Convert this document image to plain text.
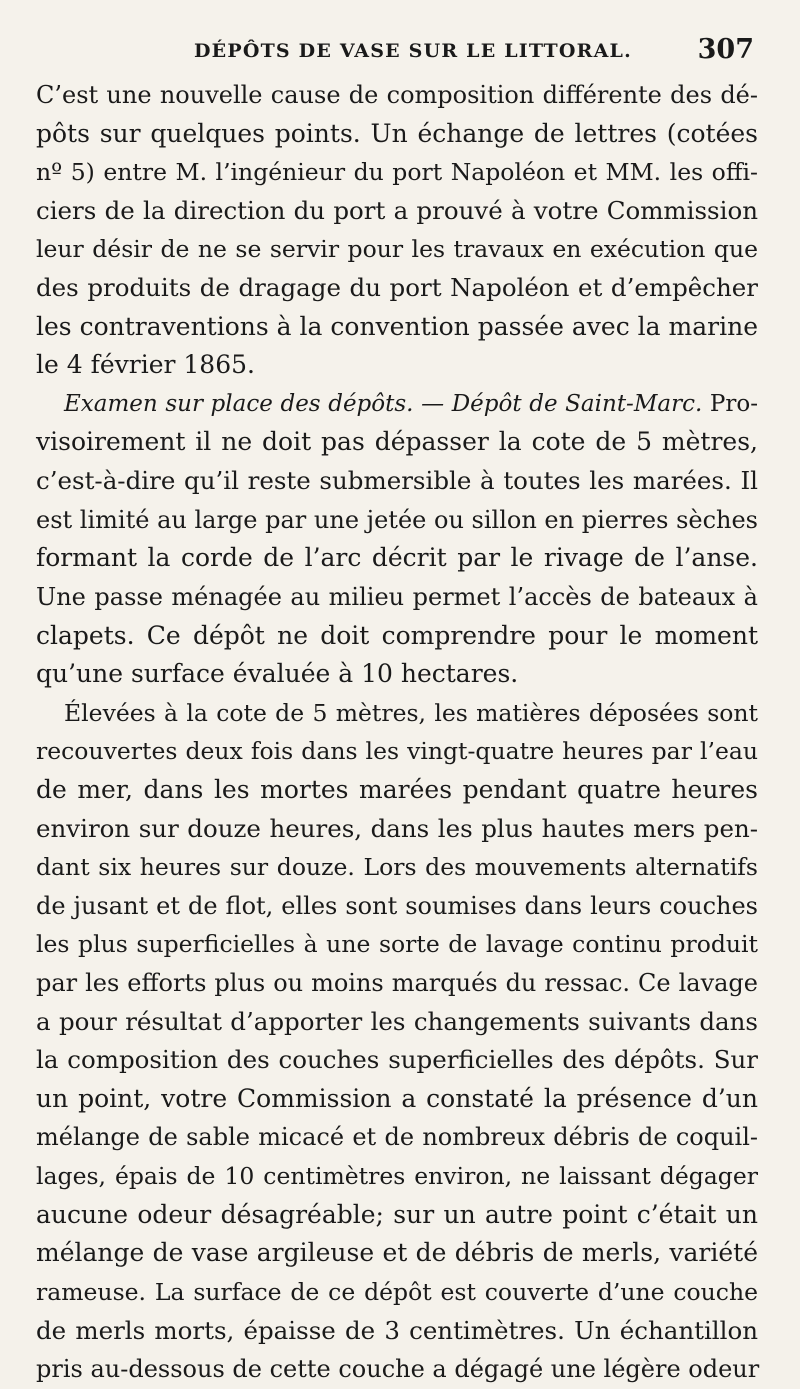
DÉPÔTS DE VASE SUR LE LITTORAL. 307
C’est une nouvelle cause de composition différente des dé-
pôts sur quelques points. Un échange de lettres (cotées
nº 5) entre M. l’ingénieur du port Napoléon et MM. les offi-
ciers de la direction du port a prouvé à votre Commission
leur désir de ne se servir pour les travaux en exécution que
des produits de dragage du port Napoléon et d’empêcher
les contraventions à la convention passée avec la marine
le 4 février 1865.
Examen sur place des dépôts. — Dépôt de Saint-Marc. Pro-
visoirement il ne doit pas dépasser la cote de 5 mètres,
c’est-à-dire qu’il reste submersible à toutes les marées. Il
est limité au large par une jetée ou sillon en pierres sèches
formant la corde de l’arc décrit par le rivage de l’anse.
Une passe ménagée au milieu permet l’accès de bateaux à
clapets. Ce dépôt ne doit comprendre pour le moment
qu’une surface évaluée à 10 hectares.
Élevées à la cote de 5 mètres, les matières déposées sont
recouvertes deux fois dans les vingt-quatre heures par l’eau
de mer, dans les mortes marées pendant quatre heures
environ sur douze heures, dans les plus hautes mers pen-
dant six heures sur douze. Lors des mouvements alternatifs
de jusant et de flot, elles sont soumises dans leurs couches
les plus superficielles à une sorte de lavage continu produit
par les efforts plus ou moins marqués du ressac. Ce lavage
a pour résultat d’apporter les changements suivants dans
la composition des couches superficielles des dépôts. Sur
un point, votre Commission a constaté la présence d’un
mélange de sable micacé et de nombreux débris de coquil-
lages, épais de 10 centimètres environ, ne laissant dégager
aucune odeur désagréable; sur un autre point c’était un
mélange de vase argileuse et de débris de merls, variété
rameuse. La surface de ce dépôt est couverte d’une couche
de merls morts, épaisse de 3 centimètres. Un échantillon
pris au-dessous de cette couche a dégagé une légère odeur
